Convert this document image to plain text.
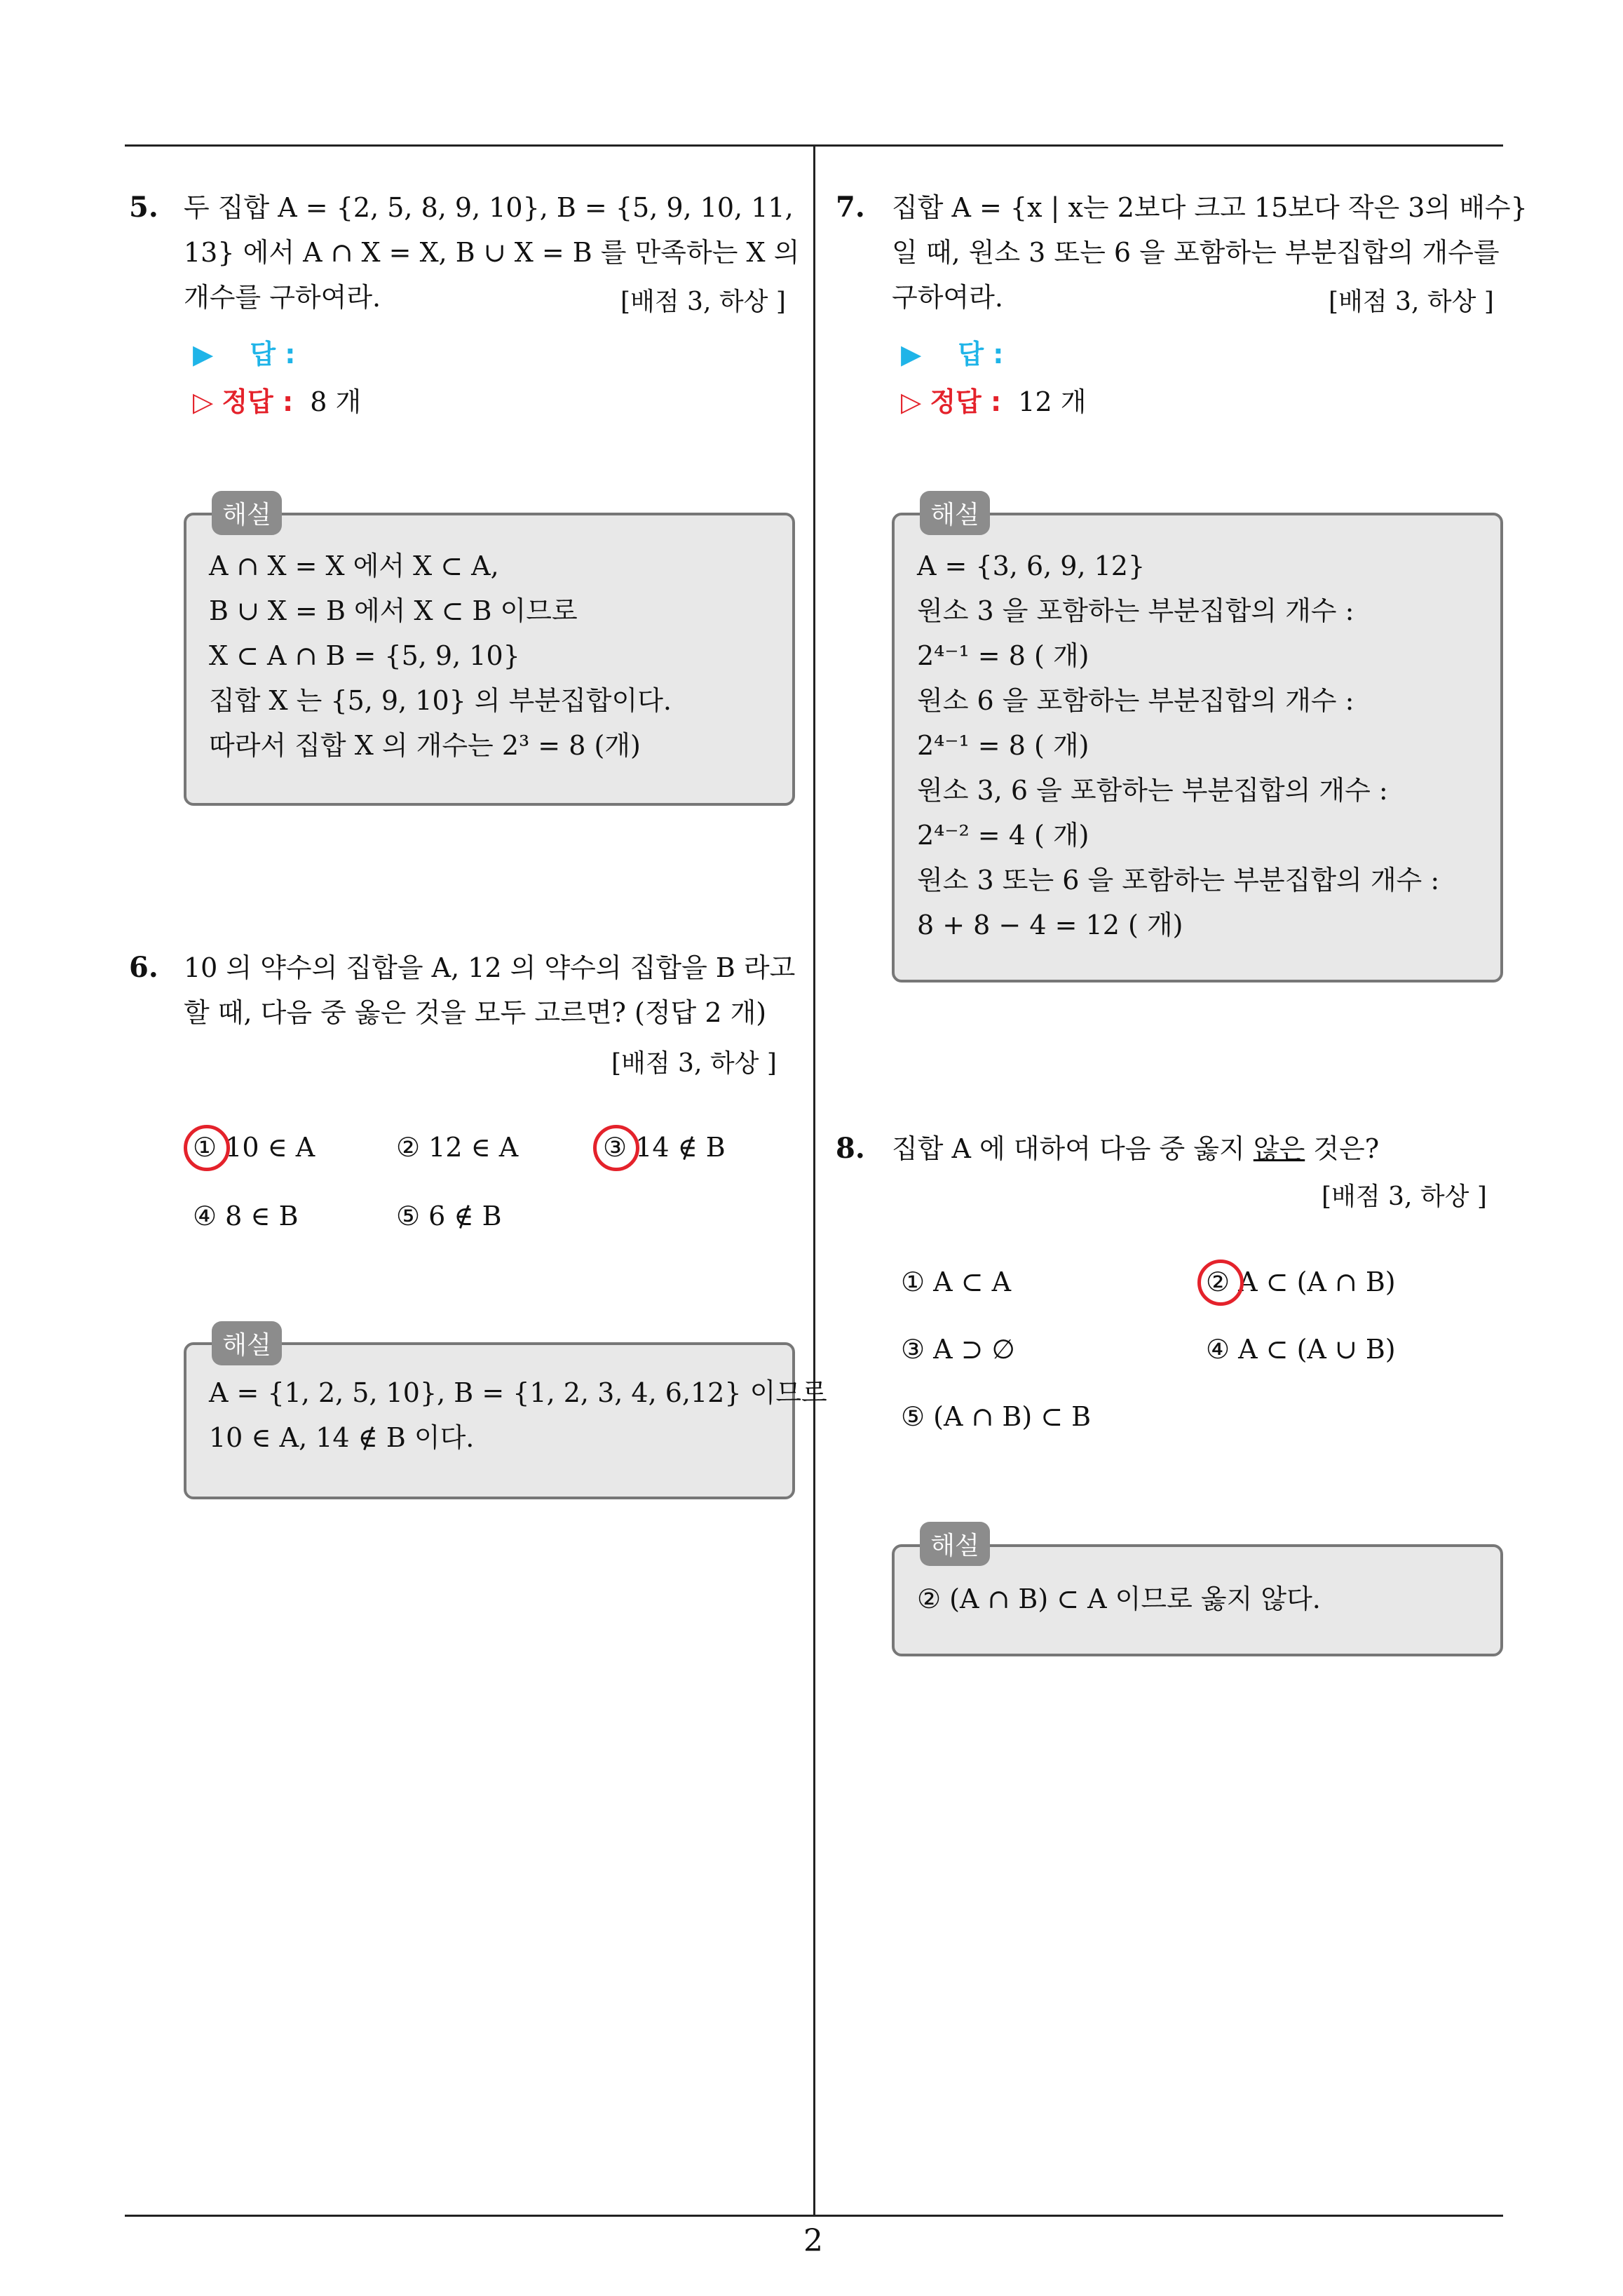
2
5. 두 집합 A = {2, 5, 8, 9, 10}, B = {5, 9, 10, 11,
13} 에서 A ∩ X = X, B ∪ X = B 를 만족하는 X 의
개수를 구하여라.	[배점 3, 하상 ]
▶ 답 :
▷ 정답 : 8 개
A ∩ X = X 에서 X ⊂ A,
B ∪ X = B 에서 X ⊂ B 이므로
X ⊂ A ∩ B = {5, 9, 10}
집합 X 는 {5, 9, 10} 의 부분집합이다.
따라서 집합 X 의 개수는 2³ = 8 (개)
해설
6. 10 의 약수의 집합을 A, 12 의 약수의 집합을 B 라고
할 때, 다음 중 옳은 것을 모두 고르면? (정답 2 개)
[배점 3, 하상 ]
① 10 ∈ A	② 12 ∈ A	③ 14 ∉ B
④ 8 ∈ B	⑤ 6 ∉ B
A = {1, 2, 5, 10}, B = {1, 2, 3, 4, 6,12} 이므로
10 ∈ A, 14 ∉ B 이다.
해설
7. 집합 A = {x | x는 2보다 크고 15보다 작은 3의 배수}
일 때, 원소 3 또는 6 을 포함하는 부분집합의 개수를
구하여라.	[배점 3, 하상 ]
▶ 답 :
▷ 정답 : 12 개
A = {3, 6, 9, 12}
원소 3 을 포함하는 부분집합의 개수 :
2⁴⁻¹ = 8 ( 개)
원소 6 을 포함하는 부분집합의 개수 :
2⁴⁻¹ = 8 ( 개)
원소 3, 6 을 포함하는 부분집합의 개수 :
2⁴⁻² = 4 ( 개)
원소 3 또는 6 을 포함하는 부분집합의 개수 :
8 + 8 − 4 = 12 ( 개)
해설
8. 집합 A 에 대하여 다음 중 옳지 않은 것은?
[배점 3, 하상 ]
① A ⊂ A	② A ⊂ (A ∩ B)
③ A ⊃ ∅	④ A ⊂ (A ∪ B)
⑤ (A ∩ B) ⊂ B
② (A ∩ B) ⊂ A 이므로 옳지 않다.
해설
